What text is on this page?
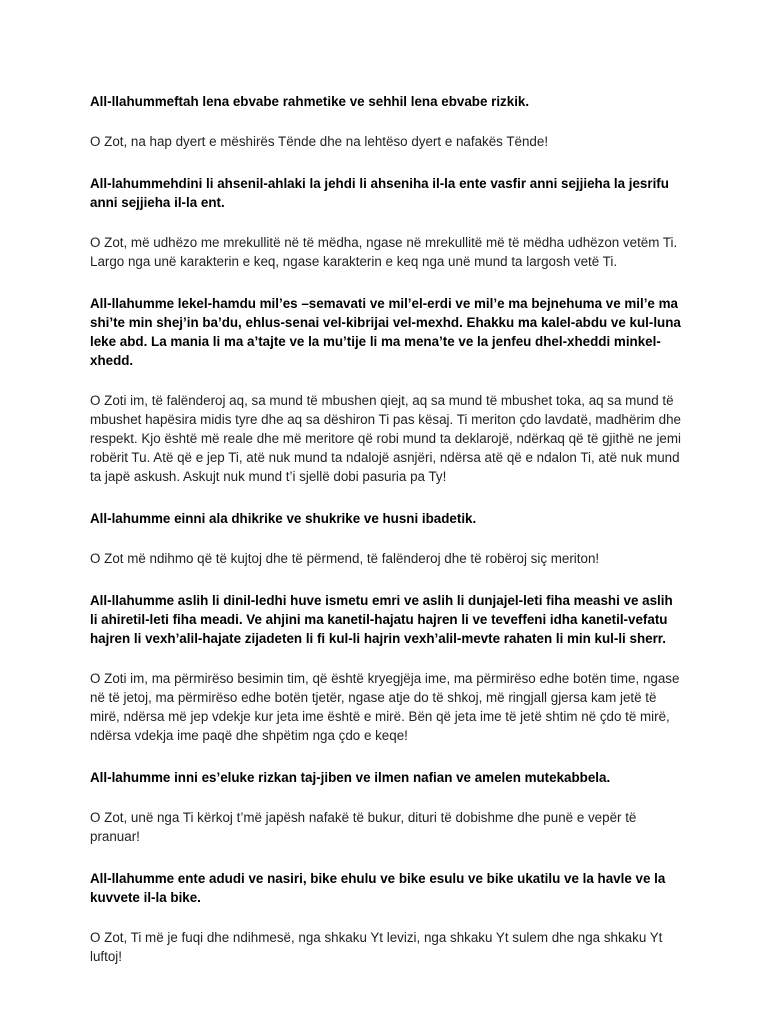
All-llahummeftah lena ebvabe rahmetike ve sehhil lena ebvabe rizkik.

O Zot, na hap dyert e mëshirës Tënde dhe na lehtëso dyert e nafakës Tënde!

All-lahummehdini li ahsenil-ahlaki la jehdi li ahseniha il-la ente vasfir anni sejjieha la jesrifu anni sejjieha il-la ent.

O Zot, më udhëzo me mrekullitë në të mëdha, ngase në mrekullitë më të mëdha udhëzon vetëm Ti. Largo nga unë karakterin e keq, ngase karakterin e keq nga unë mund ta largosh vetë Ti.

All-llahumme lekel-hamdu mil’es –semavati ve mil’el-erdi ve mil’e ma bejnehuma ve mil’e ma shi’te min shej’in ba’du, ehlus-senai vel-kibrijai vel-mexhd. Ehakku ma kalel-abdu ve kul-luna leke abd. La mania li ma a’tajte ve la mu’tije li ma mena’te ve la jenfeu dhel-xheddi minkel-xhedd.

O Zoti im, të falënderoj aq, sa mund të mbushen qiejt, aq sa mund të mbushet toka, aq sa mund të mbushet hapësira midis tyre dhe aq sa dëshiron Ti pas kësaj. Ti meriton çdo lavdatë, madhërim dhe respekt. Kjo është më reale dhe më meritore që robi mund ta deklarojë, ndërkaq që të gjithë ne jemi robërit Tu. Atë që e jep Ti, atë nuk mund ta ndalojë asnjëri, ndërsa atë që e ndalon Ti, atë nuk mund ta japë askush. Askujt nuk mund t’i sjellë dobi pasuria pa Ty!

All-lahumme einni ala dhikrike ve shukrike ve husni ibadetik.

O Zot më ndihmo që të kujtoj dhe të përmend, të falënderoj dhe të robëroj siç meriton!

All-llahumme aslih li dinil-ledhi huve ismetu emri ve aslih li dunjajel-leti fiha meashi ve aslih li ahiretil-leti fiha meadi. Ve ahjini ma kanetil-hajatu hajren li ve teveffeni idha kanetil-vefatu hajren li vexh’alil-hajate zijadeten li fi kul-li hajrin vexh’alil-mevte rahaten li min kul-li sherr.

O Zoti im, ma përmirëso besimin tim, që është kryegjëja ime, ma përmirëso edhe botën time, ngase në të jetoj, ma përmirëso edhe botën tjetër, ngase atje do të shkoj, më ringjall gjersa kam jetë të mirë, ndërsa më jep vdekje kur jeta ime është e mirë. Bën që jeta ime të jetë shtim në çdo të mirë, ndërsa vdekja ime paqë dhe shpëtim nga çdo e keqe!

All-lahumme inni es’eluke rizkan taj-jiben ve ilmen nafian ve amelen mutekabbela.

O Zot, unë nga Ti kërkoj t’më japësh nafakë të bukur, dituri të dobishme dhe punë e vepër të pranuar!

All-llahumme ente adudi ve nasiri, bike ehulu ve bike esulu ve bike ukatilu ve la havle ve la kuvvete il-la bike.

O Zot, Ti më je fuqi dhe ndihmesë, nga shkaku Yt levizi, nga shkaku Yt sulem dhe nga shkaku Yt luftoj!
